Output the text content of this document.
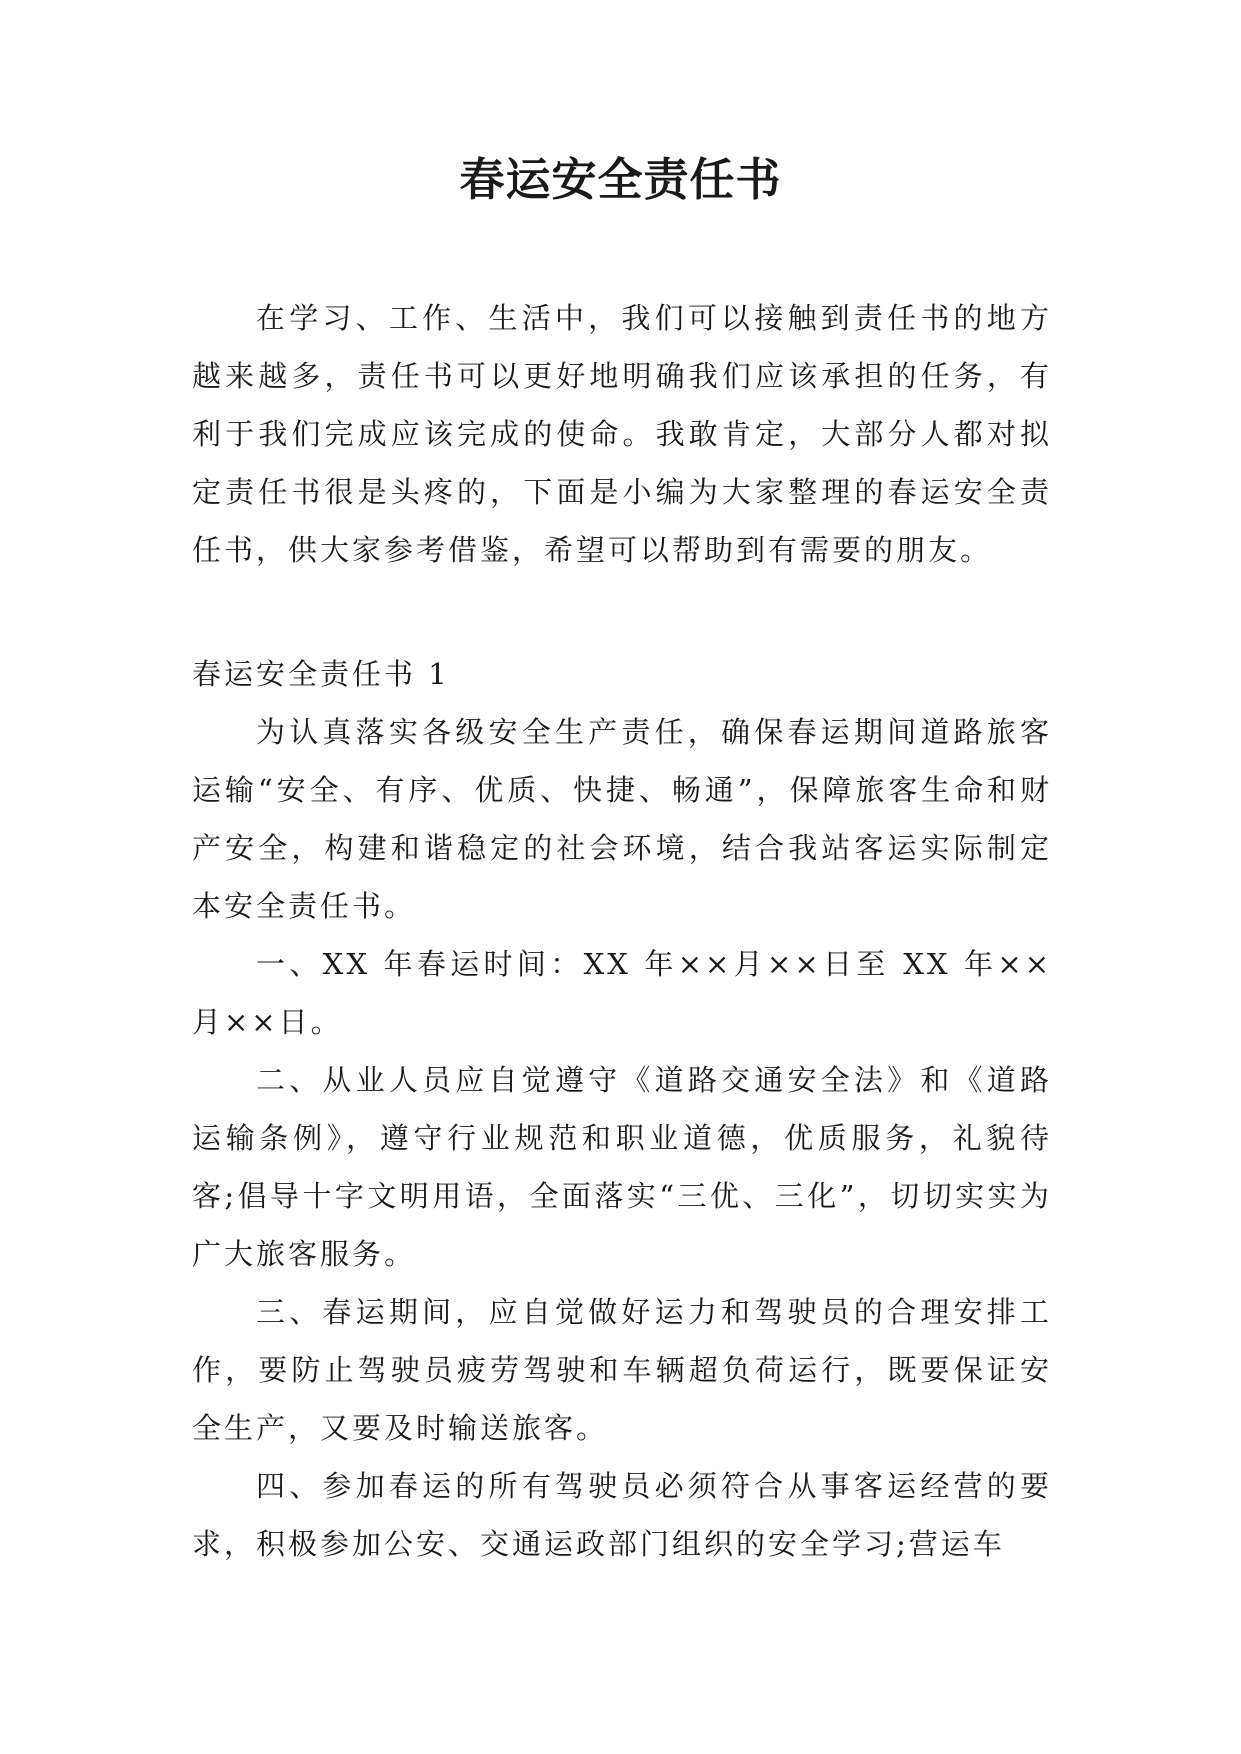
春运安全责任书

在学习、工作、生活中，我们可以接触到责任书的地方越来越多，责任书可以更好地明确我们应该承担的任务，有利于我们完成应该完成的使命。我敢肯定，大部分人都对拟定责任书很是头疼的，下面是小编为大家整理的春运安全责任书，供大家参考借鉴，希望可以帮助到有需要的朋友。

春运安全责任书 1

为认真落实各级安全生产责任，确保春运期间道路旅客运输“安全、有序、优质、快捷、畅通”，保障旅客生命和财产安全，构建和谐稳定的社会环境，结合我站客运实际制定本安全责任书。

一、XX 年春运时间：XX 年××月××日至 XX 年××月××日。

二、从业人员应自觉遵守《道路交通安全法》和《道路运输条例》，遵守行业规范和职业道德，优质服务，礼貌待客;倡导十字文明用语，全面落实“三优、三化”，切切实实为广大旅客服务。

三、春运期间，应自觉做好运力和驾驶员的合理安排工作，要防止驾驶员疲劳驾驶和车辆超负荷运行，既要保证安全生产，又要及时输送旅客。

四、参加春运的所有驾驶员必须符合从事客运经营的要求，积极参加公安、交通运政部门组织的安全学习;营运车
